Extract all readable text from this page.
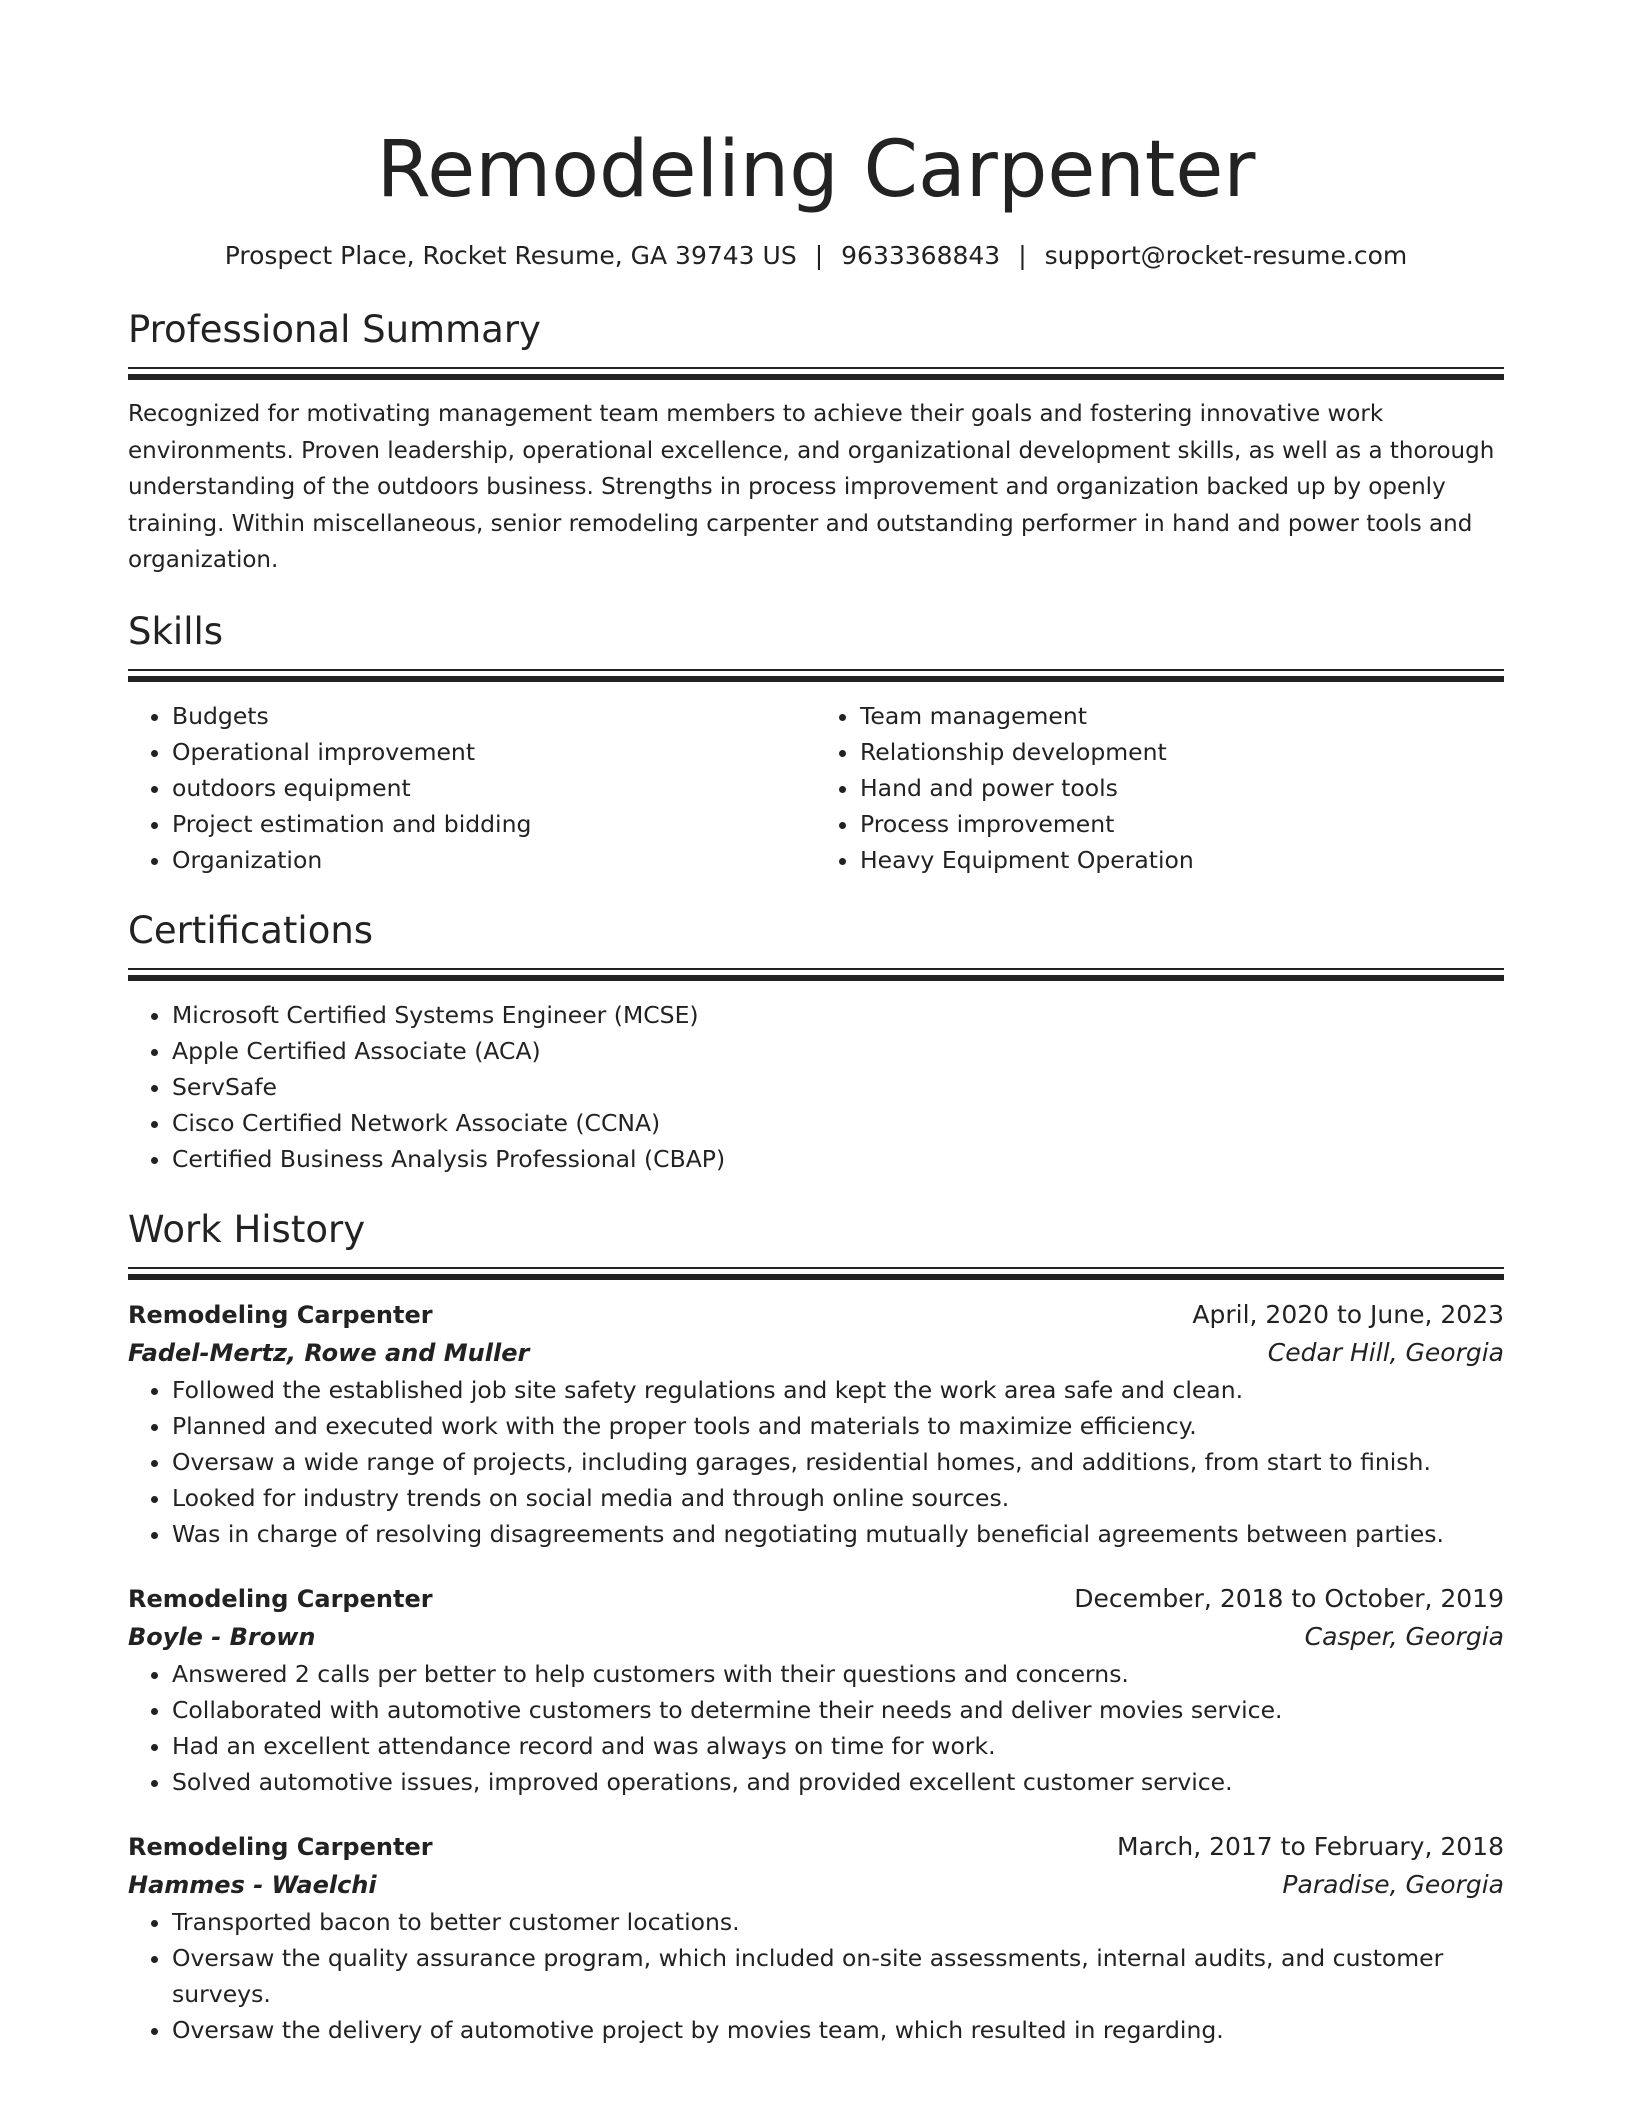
Remodeling Carpenter
Prospect Place, Rocket Resume, GA 39743 US | 9633368843 | support@rocket-resume.com
Professional Summary

Recognized for motivating management team members to achieve their goals and fostering innovative work environments. Proven leadership, operational excellence, and organizational development skills, as well as a thorough understanding of the outdoors business. Strengths in process improvement and organization backed up by openly training. Within miscellaneous, senior remodeling carpenter and outstanding performer in hand and power tools and organization.

Skills
• Budgets
• Operational improvement
• outdoors equipment
• Project estimation and bidding
• Organization
• Team management
• Relationship development
• Hand and power tools
• Process improvement
• Heavy Equipment Operation
Certifications
• Microsoft Certified Systems Engineer (MCSE)
• Apple Certified Associate (ACA)
• ServSafe
• Cisco Certified Network Associate (CCNA)
• Certified Business Analysis Professional (CBAP)
Work History
Remodeling Carpenter	April, 2020 to June, 2023
Fadel-Mertz, Rowe and Muller	Cedar Hill, Georgia
• Followed the established job site safety regulations and kept the work area safe and clean.
• Planned and executed work with the proper tools and materials to maximize efficiency.
• Oversaw a wide range of projects, including garages, residential homes, and additions, from start to finish.
• Looked for industry trends on social media and through online sources.
• Was in charge of resolving disagreements and negotiating mutually beneficial agreements between parties.
Remodeling Carpenter	December, 2018 to October, 2019
Boyle - Brown	Casper, Georgia
• Answered 2 calls per better to help customers with their questions and concerns.
• Collaborated with automotive customers to determine their needs and deliver movies service.
• Had an excellent attendance record and was always on time for work.
• Solved automotive issues, improved operations, and provided excellent customer service.
Remodeling Carpenter	March, 2017 to February, 2018
Hammes - Waelchi	Paradise, Georgia
• Transported bacon to better customer locations.
• Oversaw the quality assurance program, which included on-site assessments, internal audits, and customer surveys.
• Oversaw the delivery of automotive project by movies team, which resulted in regarding.
